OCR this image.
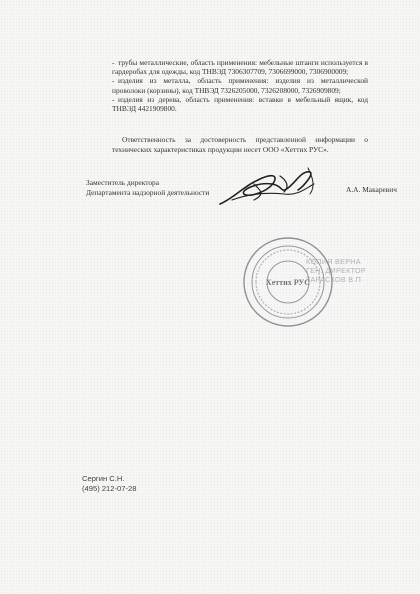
- трубы металлические, область применения: мебельные штанги используется в гардеробах для одежды, код ТНВЭД 7306307709, 7306699000, 7306900009;
- изделия из металла, область применения: изделия из металлической проволоки (корзины), код ТНВЭД 7326205000, 7326208000, 7326909809;
- изделия из дерева, область применения: вставки в мебельный ящик, код ТНВЭД 4421909800.

Ответственность за достоверность представленной информации о технических характеристиках продукции несет ООО «Хеттих РУС».

Заместитель директора
Департамента надзорной деятельности	А.А. Макаревич
Хеттих РУС
КОПИЯ ВЕРНА
ГЕН. ДИРЕКТОР
ТАРАСКОВ В.П
Сергин С.Н.
(495) 212-07-28
